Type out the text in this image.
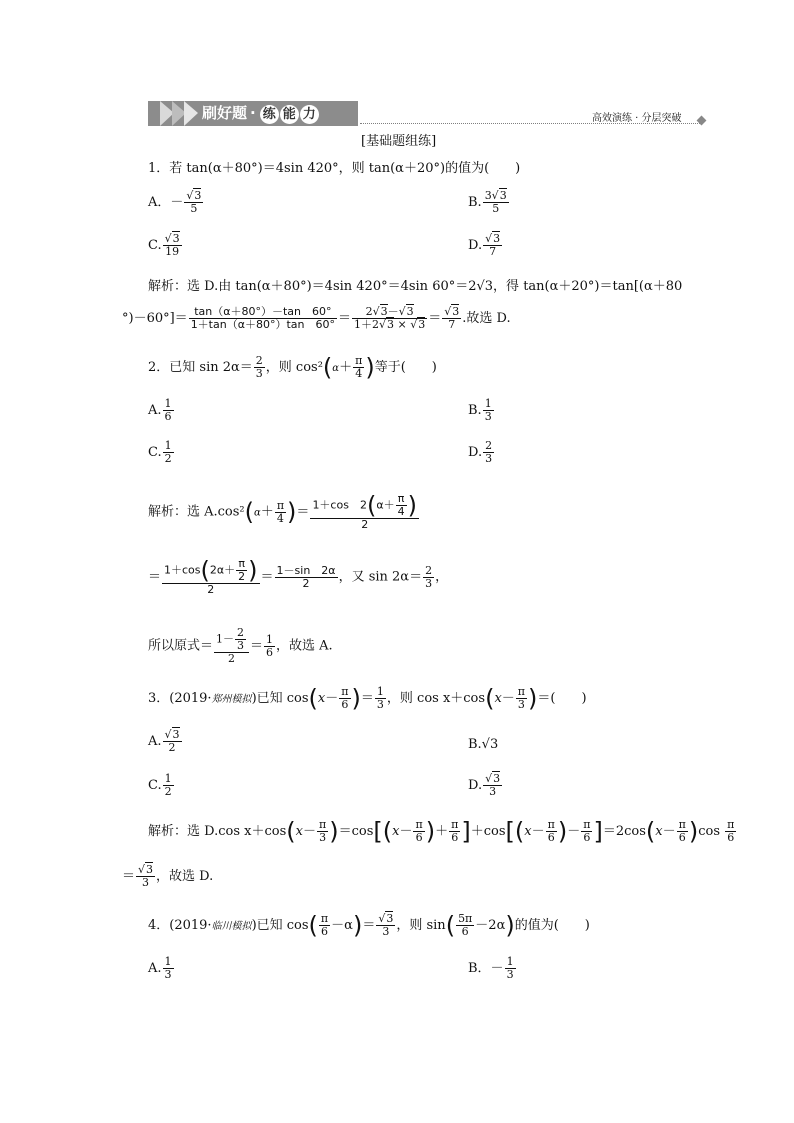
刷好题 · 练 能 力	高效演练 · 分层突破
[基础题组练]
1．若 tan(α＋80°)＝4sin 420°，则 tan(α＋20°)的值为(　　)
A．－ $\frac{√3}{5}$	B. $\frac{3√3}{5}$
C. $\frac{√3}{19}$	D. $\frac{√3}{7}$
解析：选 D.由 tan(α＋80°)＝4sin 420°＝4sin 60°＝2√3，得 tan(α＋20°)＝tan[(α＋80
$^\circ)-60^\circ]= \frac{\tan(\alpha+80^\circ)-\tan 60^\circ}{1+\tan(\alpha+80^\circ)\tan 60^\circ} = \frac{2√3-√3}{1+2√3 \times √3} = \frac{√3}{7}$ .故选 D.
2．已知 $\sin 2\alpha= \frac{2}{3}$ ，则 $\cos^2(\alpha+ \frac{\pi}{4}$ )等于(　　)
A. $\frac{1}{6}$	B. $\frac{1}{3}$
C. $\frac{1}{2}$	D. $\frac{2}{3}$
解析：选 $A.\cos^2(\alpha+ \frac{\pi}{4}$ )＝ $\frac{1+\cos 2(\alpha+ \frac{\pi}{4} )}{2}$
＝ $\frac{1+\cos(2\alpha+ \frac{\pi}{2} )}{2} = \frac{1-\sin 2\alpha}{2}$ ，又 $\sin 2\alpha= \frac{2}{3}$ ，
所以原式＝ $\frac{1- \frac{2}{3}}{2} = \frac{1}{6}$ ，故选 A.
3．(2019·郑州模拟)已知 $\cos(x- \frac{\pi}{6}$ )＝ $\frac{1}{3}$ ，则 $\cos x+\cos(x- \frac{\pi}{3}$ )＝(　　)
A. $\frac{√3}{2}$	B.√3
C. $\frac{1}{2}$	D. $\frac{√3}{3}$
解析：选 D.cos $x+\cos(x- \frac{\pi}{3} )=\cos[(x- \frac{\pi}{6}$ )＋ $\frac{\pi}{6} ]+\cos[(x- \frac{\pi}{6}$ )－ $\frac{\pi}{6} ]=2\cos(x- \frac{\pi}{6} )\cos \frac{\pi}{6}$
＝ $\frac{√3}{3}$ ，故选 D.
4．(2019·临川模拟)已知 $\cos( \frac{\pi}{6} -\alpha)= \frac{√3}{3}$ ，则 $\sin( \frac{5\pi}{6} -2\alpha)$的值为(　　)
A. $\frac{1}{3}$	B．－ $\frac{1}{3}$
